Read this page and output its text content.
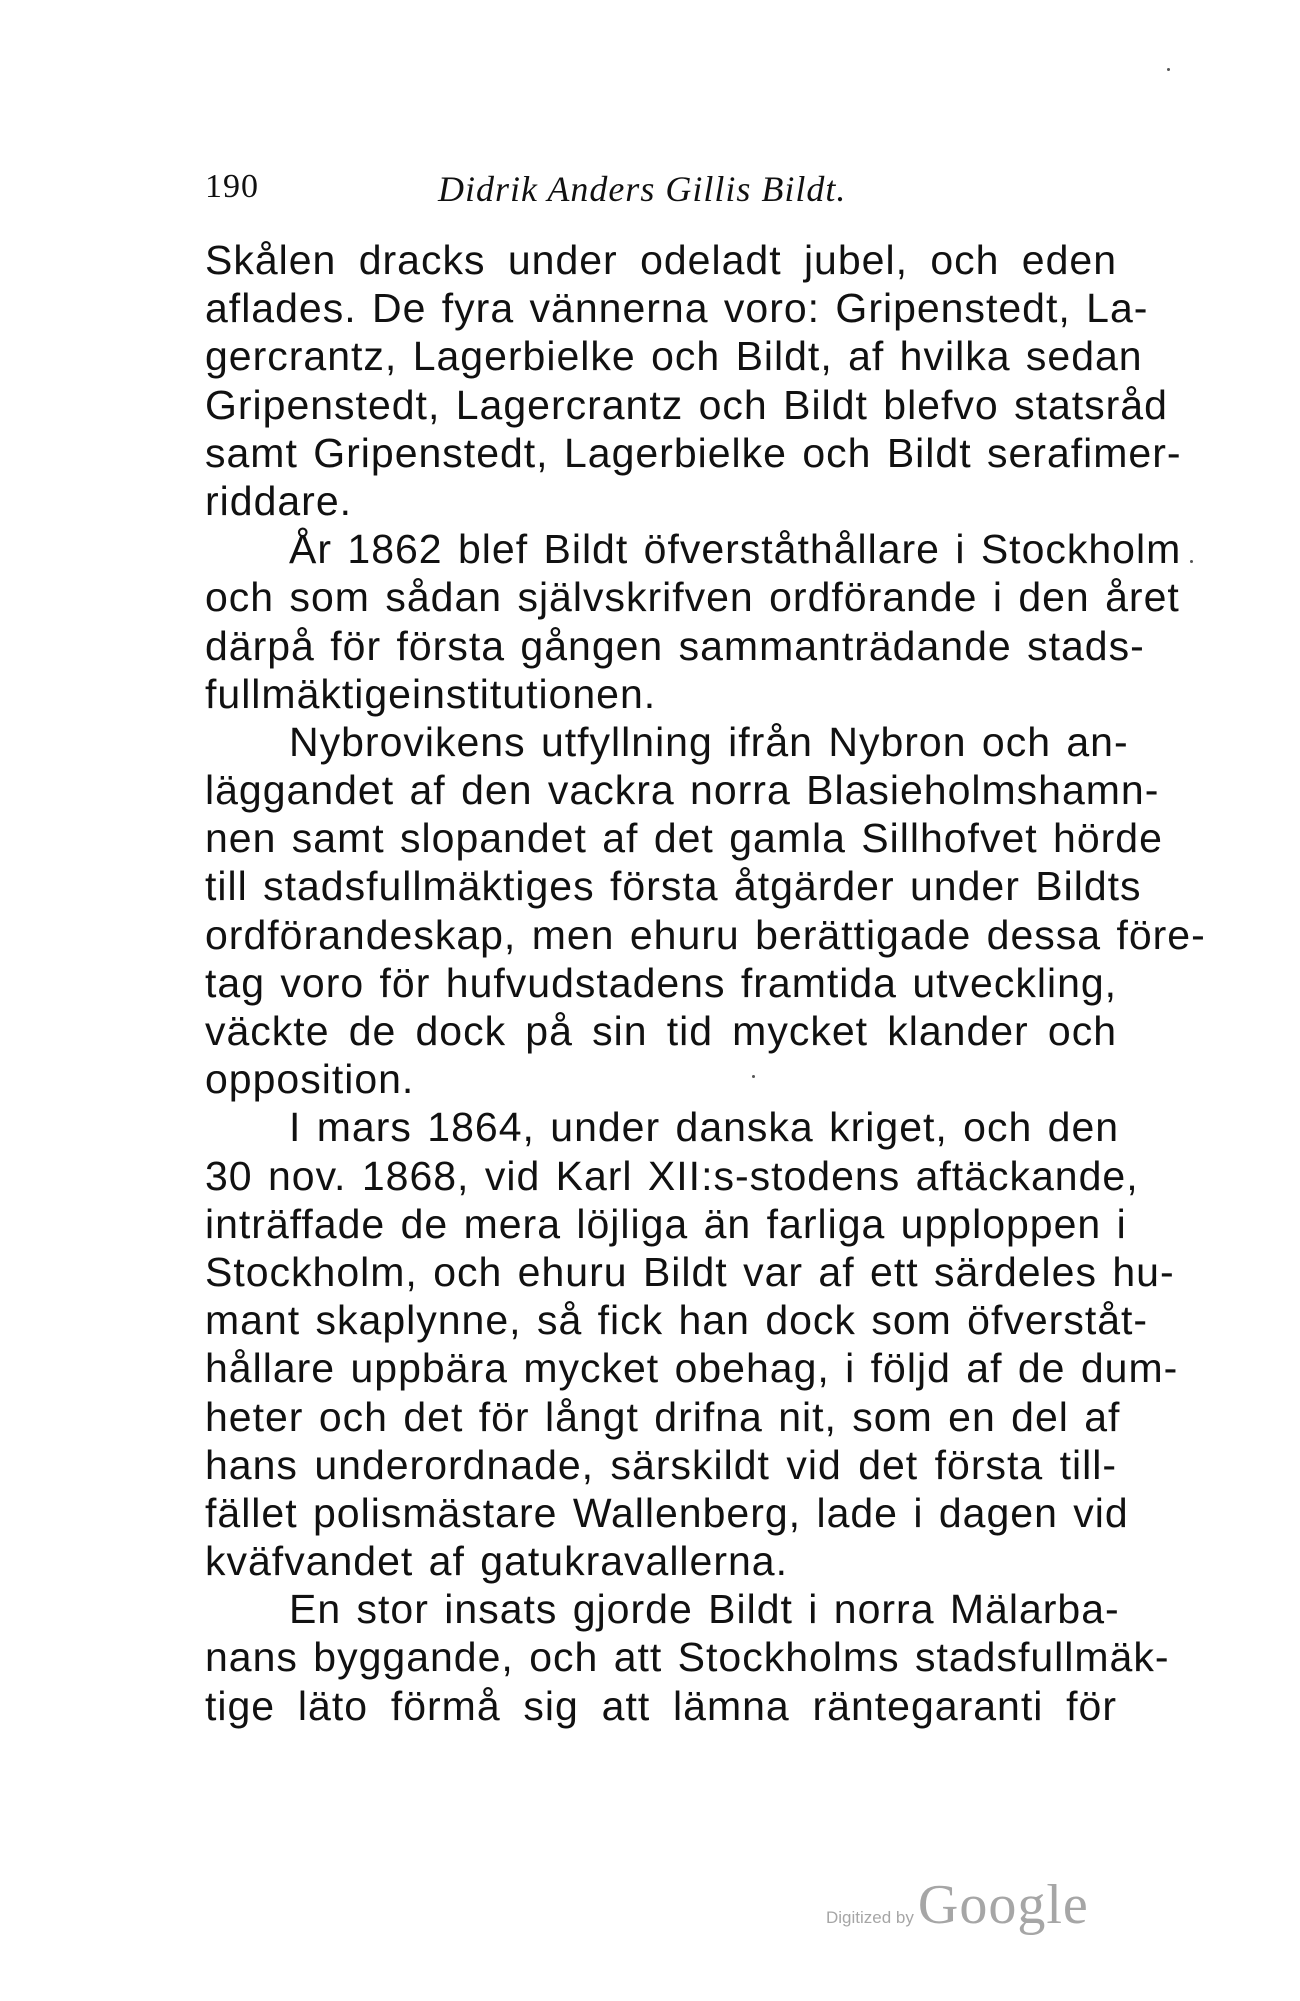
190	Didrik Anders Gillis Bildt.
Skålen dracks under odeladt jubel, och eden
aflades. De fyra vännerna voro: Gripenstedt, La-
gercrantz, Lagerbielke och Bildt, af hvilka sedan
Gripenstedt, Lagercrantz och Bildt blefvo statsråd
samt Gripenstedt, Lagerbielke och Bildt serafimer-
riddare.
År 1862 blef Bildt öfverståthållare i Stockholm
och som sådan självskrifven ordförande i den året
därpå för första gången sammanträdande stads-
fullmäktigeinstitutionen.
Nybrovikens utfyllning ifrån Nybron och an-
läggandet af den vackra norra Blasieholmshamn-
nen samt slopandet af det gamla Sillhofvet hörde
till stadsfullmäktiges första åtgärder under Bildts
ordförandeskap, men ehuru berättigade dessa före-
tag voro för hufvudstadens framtida utveckling,
väckte de dock på sin tid mycket klander och
opposition.
I mars 1864, under danska kriget, och den
30 nov. 1868, vid Karl XII:s-stodens aftäckande,
inträffade de mera löjliga än farliga upploppen i
Stockholm, och ehuru Bildt var af ett särdeles hu-
mant skaplynne, så fick han dock som öfverståt-
hållare uppbära mycket obehag, i följd af de dum-
heter och det för långt drifna nit, som en del af
hans underordnade, särskildt vid det första till-
fället polismästare Wallenberg, lade i dagen vid
kväfvandet af gatukravallerna.
En stor insats gjorde Bildt i norra Mälarba-
nans byggande, och att Stockholms stadsfullmäk-
tige läto förmå sig att lämna räntegaranti för
Digitized byGoogle
